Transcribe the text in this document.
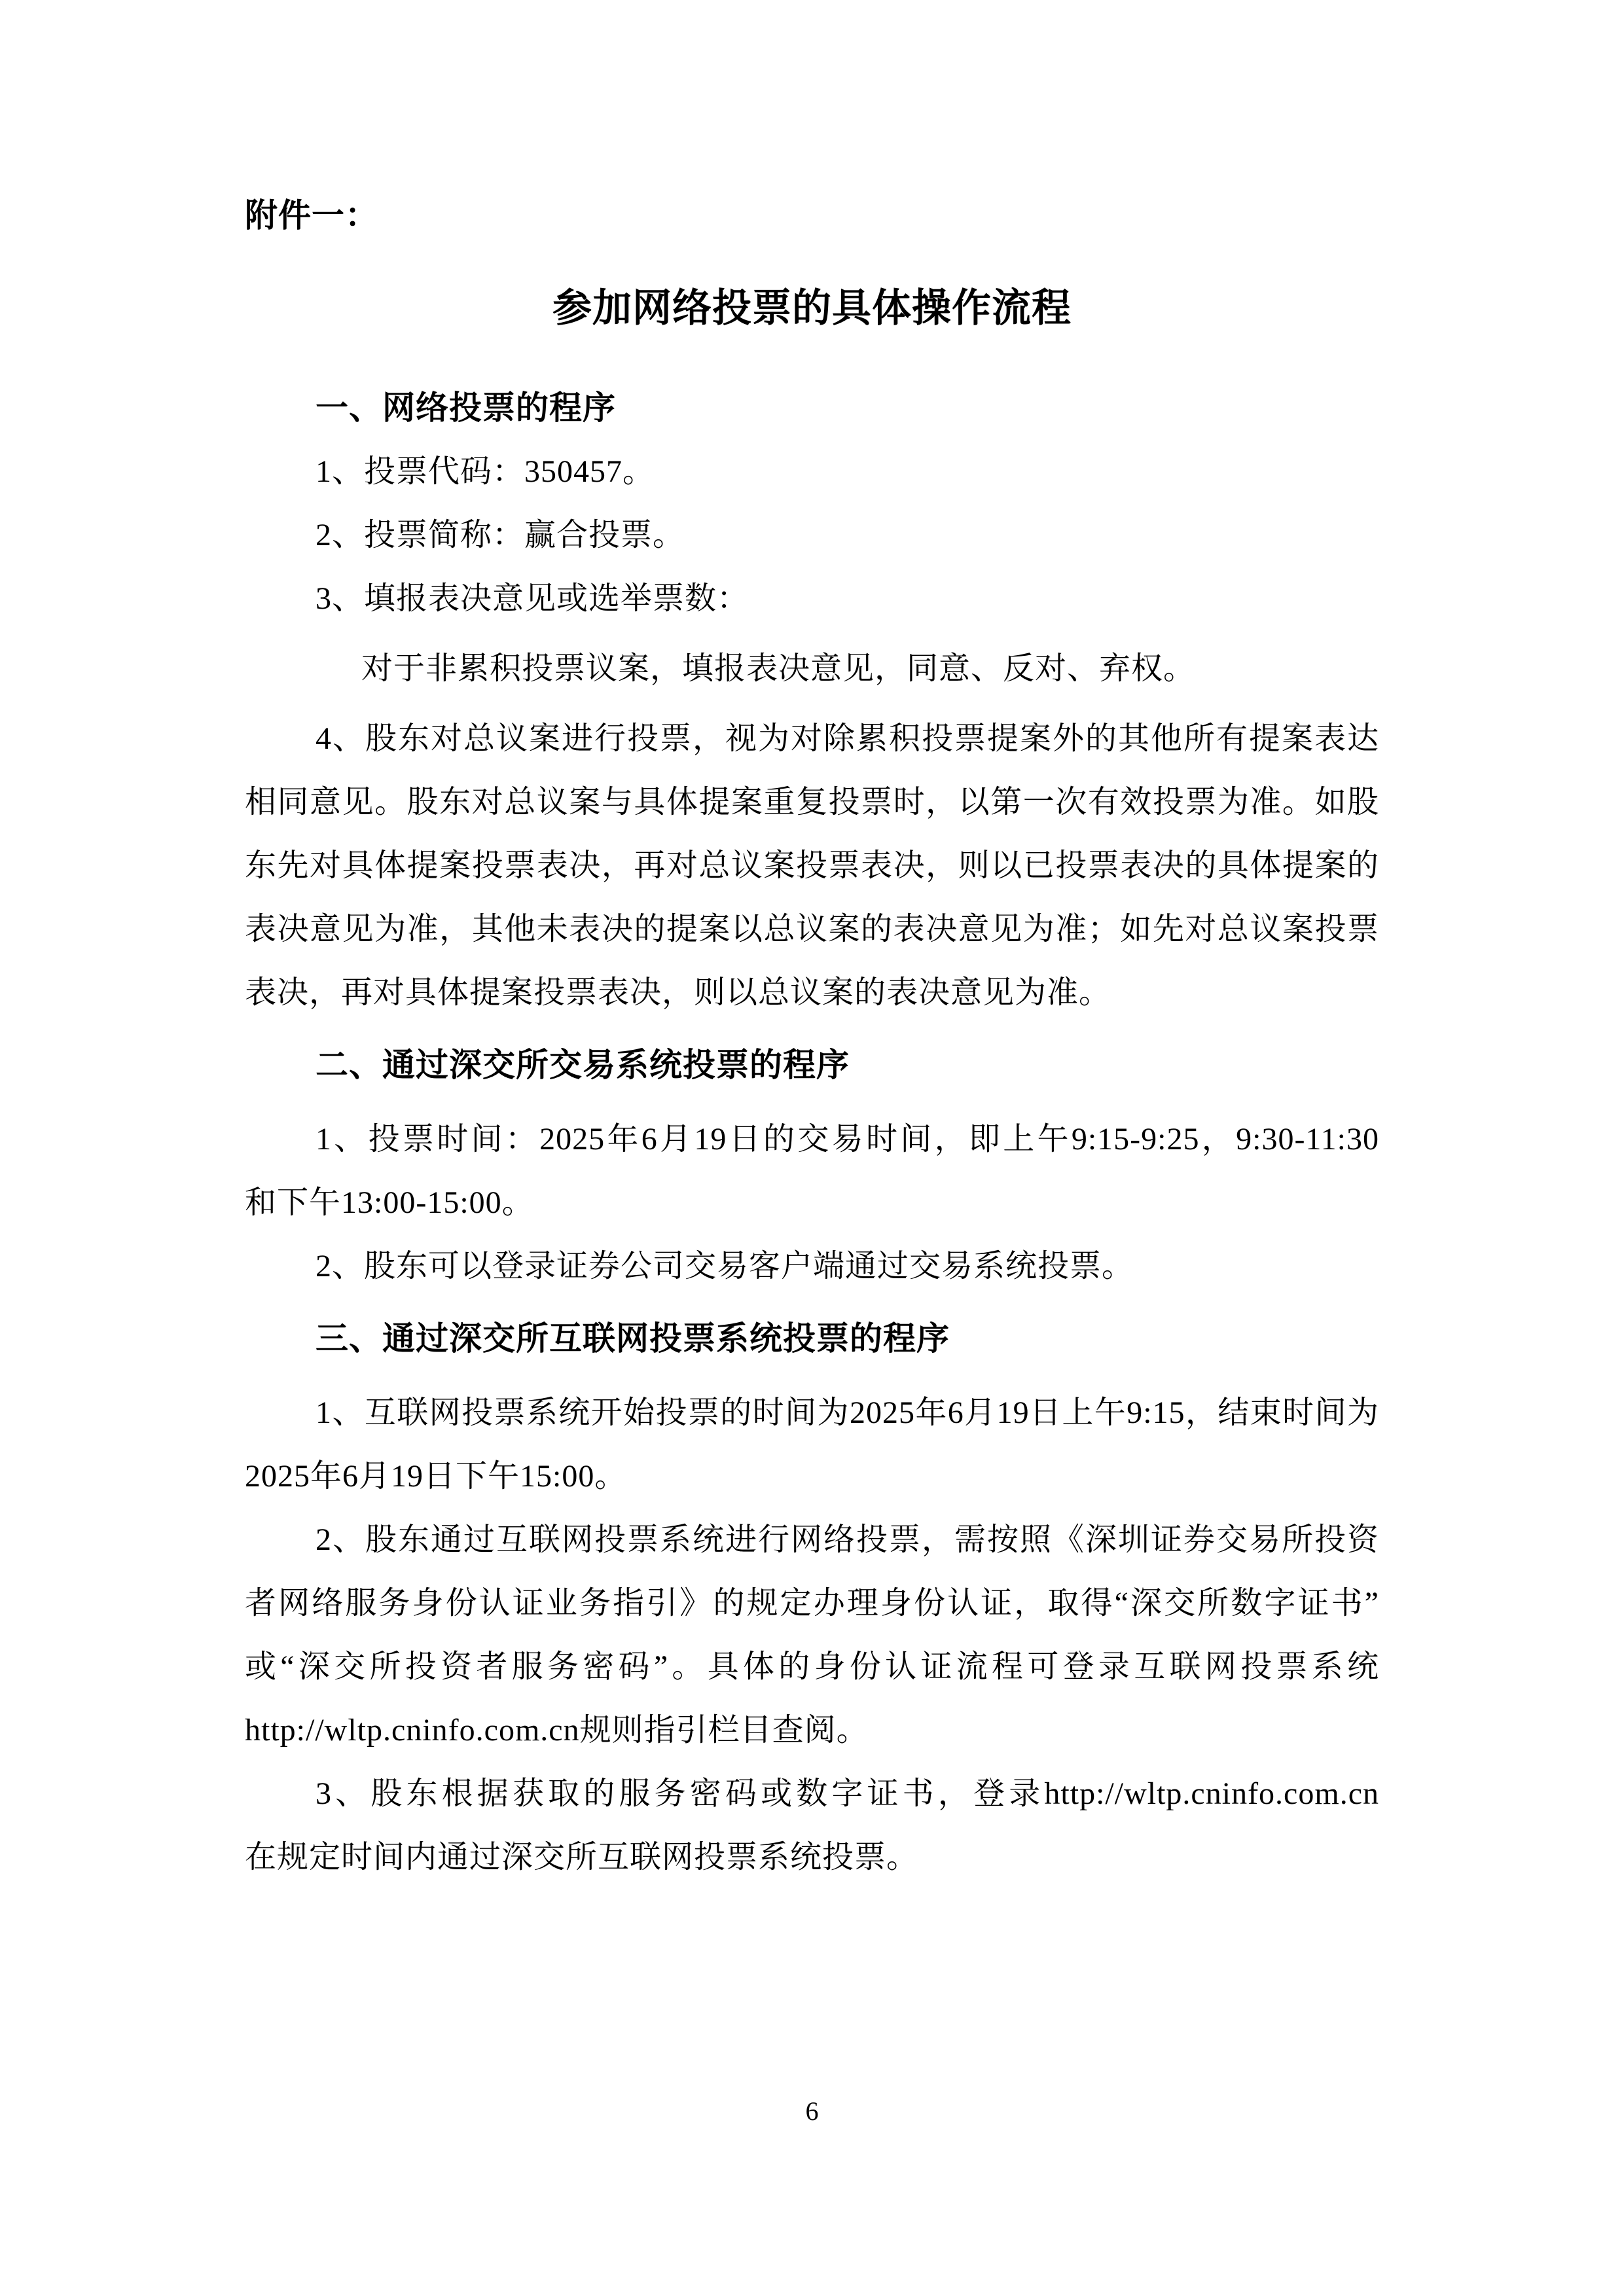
附件一：
参加网络投票的具体操作流程
一、网络投票的程序
1、投票代码：350457。
2、投票简称：赢合投票。
3、填报表决意见或选举票数：
对于非累积投票议案，填报表决意见，同意、反对、弃权。
4、股东对总议案进行投票，视为对除累积投票提案外的其他所有提案表达
相同意见。股东对总议案与具体提案重复投票时，以第一次有效投票为准。如股
东先对具体提案投票表决，再对总议案投票表决，则以已投票表决的具体提案的
表决意见为准，其他未表决的提案以总议案的表决意见为准；如先对总议案投票
表决，再对具体提案投票表决，则以总议案的表决意见为准。
二、通过深交所交易系统投票的程序
1、投票时间：2025年6月19日的交易时间，即上午9:15-9:25，9:30-11:30
和下午13:00-15:00。
2、股东可以登录证券公司交易客户端通过交易系统投票。
三、通过深交所互联网投票系统投票的程序
1、互联网投票系统开始投票的时间为2025年6月19日上午9:15，结束时间为
2025年6月19日下午15:00。
2、股东通过互联网投票系统进行网络投票，需按照《深圳证券交易所投资
者网络服务身份认证业务指引》的规定办理身份认证，取得“深交所数字证书”
或“深交所投资者服务密码”。具体的身份认证流程可登录互联网投票系统
http://wltp.cninfo.com.cn规则指引栏目查阅。
3、股东根据获取的服务密码或数字证书，登录http://wltp.cninfo.com.cn
在规定时间内通过深交所互联网投票系统投票。
6
